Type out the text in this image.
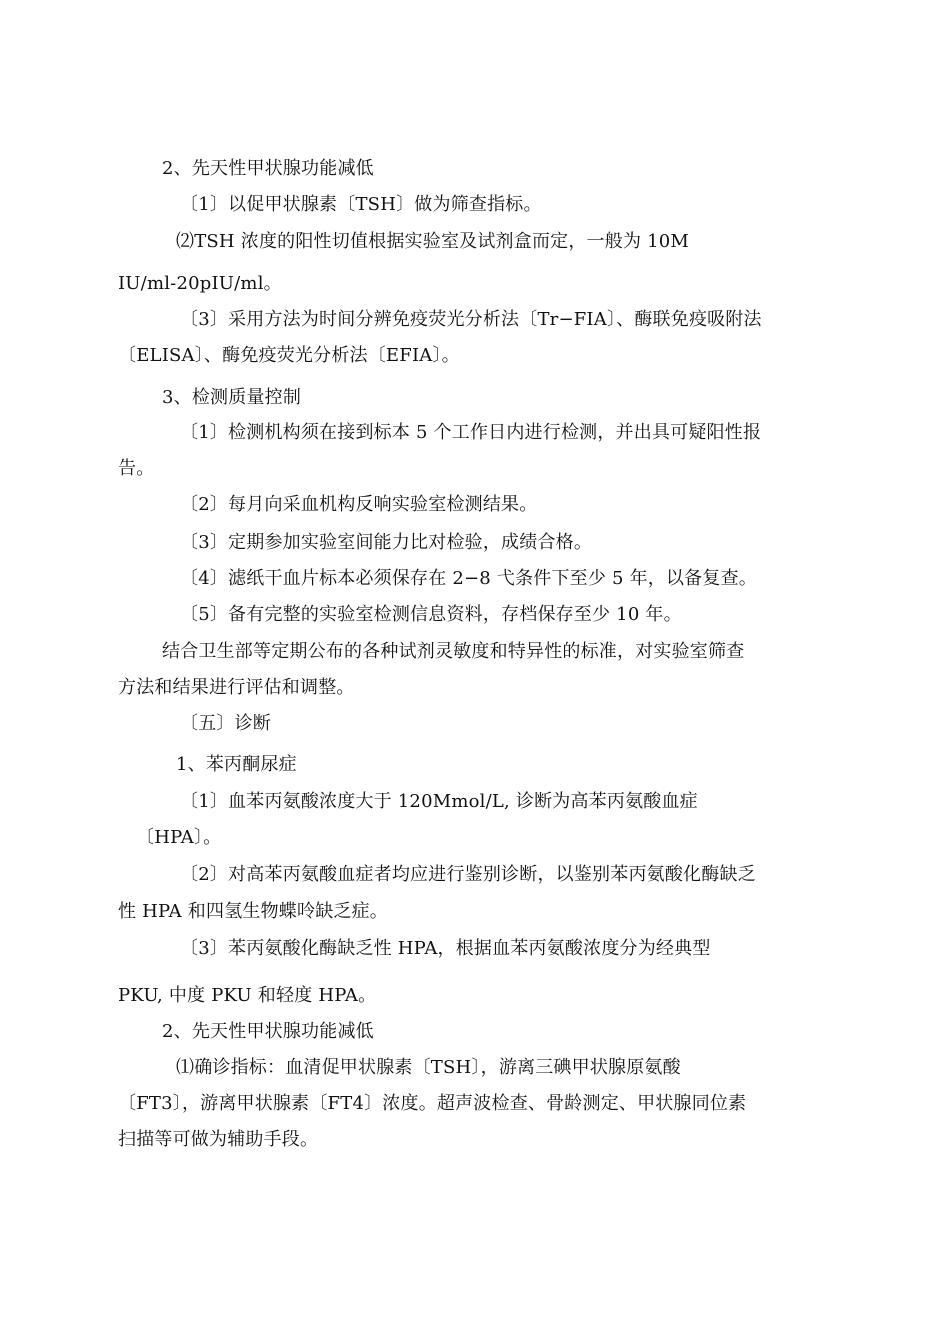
2、先天性甲状腺功能减低
〔1〕以促甲状腺素〔TSH〕做为筛查指标。
⑵TSH 浓度的阳性切值根据实验室及试剂盒而定，一般为 10M
IU/ml-20pIU/ml。
〔3〕采用方法为时间分辨免疫荧光分析法〔Tr−FIA〕、酶联免疫吸附法
〔ELISA〕、酶免疫荧光分析法〔EFIA〕。
3、检测质量控制
〔1〕检测机构须在接到标本 5 个工作日内进行检测，并出具可疑阳性报
告。
〔2〕每月向采血机构反响实验室检测结果。
〔3〕定期参加实验室间能力比对检验，成绩合格。
〔4〕滤纸干血片标本必须保存在 2−8 弋条件下至少 5 年，以备复查。
〔5〕备有完整的实验室检测信息资料，存档保存至少 10 年。
结合卫生部等定期公布的各种试剂灵敏度和特异性的标准，对实验室筛查
方法和结果进行评估和调整。
〔五〕诊断
1、苯丙酮尿症
〔1〕血苯丙氨酸浓度大于 120Mmol/L, 诊断为高苯丙氨酸血症
〔HPA〕。
〔2〕对高苯丙氨酸血症者均应进行鉴别诊断，以鉴别苯丙氨酸化酶缺乏
性 HPA 和四氢生物蝶呤缺乏症。
〔3〕苯丙氨酸化酶缺乏性 HPA，根据血苯丙氨酸浓度分为经典型
PKU, 中度 PKU 和轻度 HPA。
2、先天性甲状腺功能减低
⑴确诊指标：血清促甲状腺素〔TSH〕，游离三碘甲状腺原氨酸
〔FT3〕，游离甲状腺素〔FT4〕浓度。超声波检查、骨龄测定、甲状腺同位素
扫描等可做为辅助手段。
